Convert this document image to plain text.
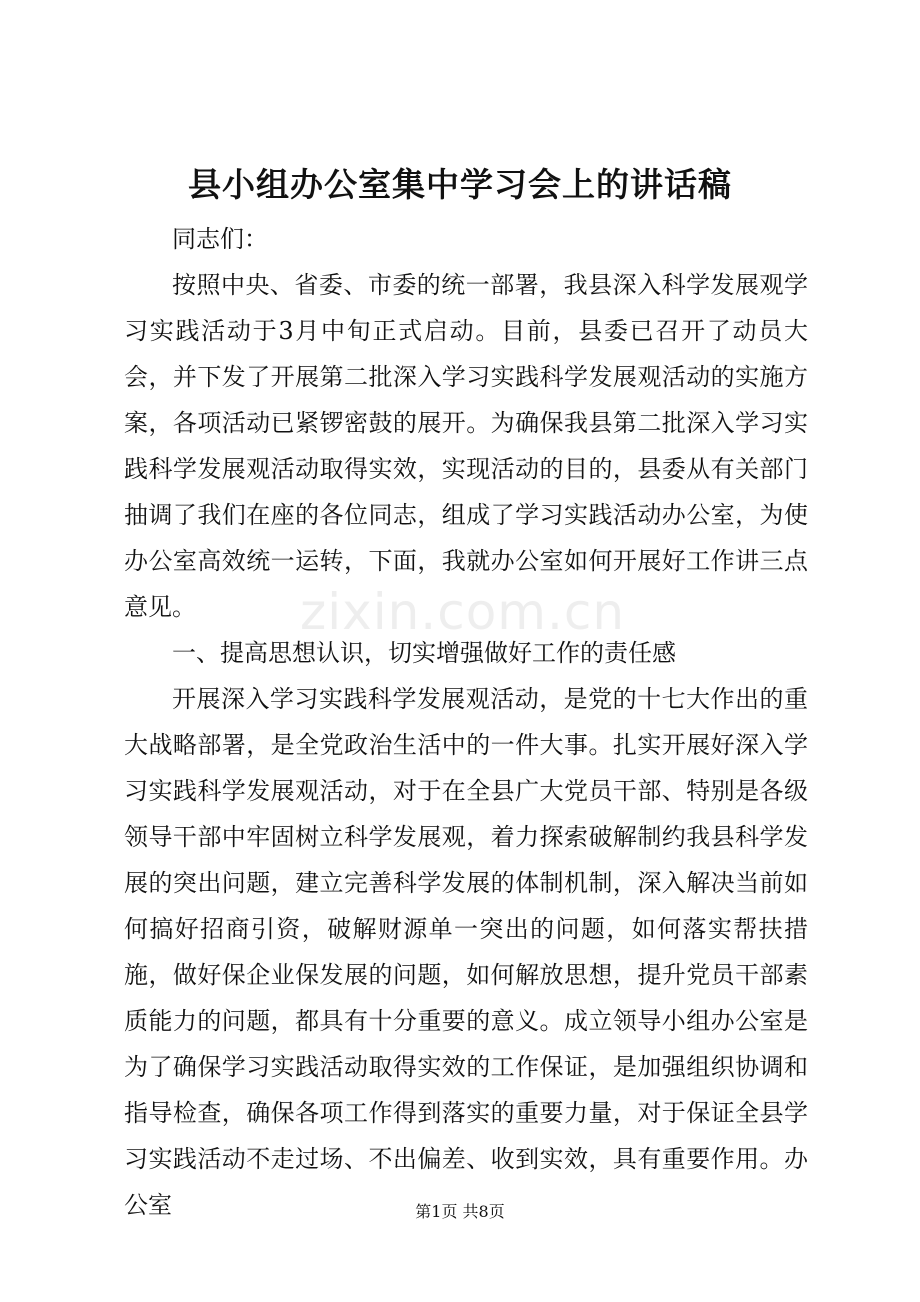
县小组办公室集中学习会上的讲话稿

同志们：

按照中央、省委、市委的统一部署，我县深入科学发展观学习实践活动于3月中旬正式启动。目前，县委已召开了动员大会，并下发了开展第二批深入学习实践科学发展观活动的实施方案，各项活动已紧锣密鼓的展开。为确保我县第二批深入学习实践科学发展观活动取得实效，实现活动的目的，县委从有关部门抽调了我们在座的各位同志，组成了学习实践活动办公室，为使办公室高效统一运转，下面，我就办公室如何开展好工作讲三点意见。

一、提高思想认识，切实增强做好工作的责任感

开展深入学习实践科学发展观活动，是党的十七大作出的重大战略部署，是全党政治生活中的一件大事。扎实开展好深入学习实践科学发展观活动，对于在全县广大党员干部、特别是各级领导干部中牢固树立科学发展观，着力探索破解制约我县科学发展的突出问题，建立完善科学发展的体制机制，深入解决当前如何搞好招商引资，破解财源单一突出的问题，如何落实帮扶措施，做好保企业保发展的问题，如何解放思想，提升党员干部素质能力的问题，都具有十分重要的意义。成立领导小组办公室是为了确保学习实践活动取得实效的工作保证，是加强组织协调和指导检查，确保各项工作得到落实的重要力量，对于保证全县学习实践活动不走过场、不出偏差、收到实效，具有重要作用。办公室

zixin.com.cn
第1页 共8页
